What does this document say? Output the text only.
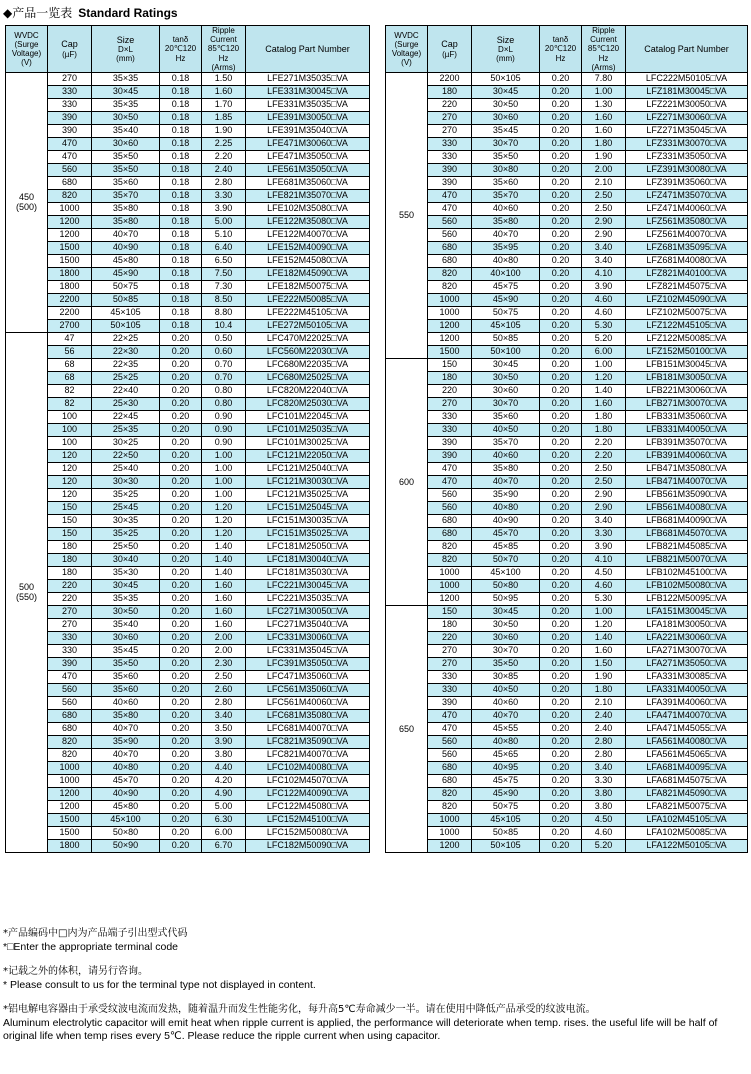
◆产品一览表 Standard Ratings
WVDC
(Surge
Voltage)
(V)	Cap
(µF)	Size
D×L
(mm)	tanδ
20℃120
Hz	Ripple
Current
85℃120
Hz
(Arms)	Catalog Part Number
450
(500)	270	35×35	0.18	1.50	LFE271M35035□VA
	330	30×45	0.18	1.60	LFE331M30045□VA
	330	35×35	0.18	1.70	LFE331M35035□VA
	390	30×50	0.18	1.85	LFE391M30050□VA
	390	35×40	0.18	1.90	LFE391M35040□VA
	470	30×60	0.18	2.25	LFE471M30060□VA
	470	35×50	0.18	2.20	LFE471M35050□VA
	560	35×50	0.18	2.40	LFE561M35050□VA
	680	35×60	0.18	2.80	LFE681M35060□VA
	820	35×70	0.18	3.30	LFE821M35070□VA
	1000	35×80	0.18	3.90	LFE102M35080□VA
	1200	35×80	0.18	5.00	LFE122M35080□VA
	1200	40×70	0.18	5.10	LFE122M40070□VA
	1500	40×90	0.18	6.40	LFE152M40090□VA
	1500	45×80	0.18	6.50	LFE152M45080□VA
	1800	45×90	0.18	7.50	LFE182M45090□VA
	1800	50×75	0.18	7.30	LFE182M50075□VA
	2200	50×85	0.18	8.50	LFE222M50085□VA
	2200	45×105	0.18	8.80	LFE222M45105□VA
	2700	50×105	0.18	10.4	LFE272M50105□VA
500
(550)	47	22×25	0.20	0.50	LFC470M22025□VA
	56	22×30	0.20	0.60	LFC560M22030□VA
	68	22×35	0.20	0.70	LFC680M22035□VA
	68	25×25	0.20	0.70	LFC680M25025□VA
	82	22×40	0.20	0.80	LFC820M22040□VA
	82	25×30	0.20	0.80	LFC820M25030□VA
	100	22×45	0.20	0.90	LFC101M22045□VA
	100	25×35	0.20	0.90	LFC101M25035□VA
	100	30×25	0.20	0.90	LFC101M30025□VA
	120	22×50	0.20	1.00	LFC121M22050□VA
	120	25×40	0.20	1.00	LFC121M25040□VA
	120	30×30	0.20	1.00	LFC121M30030□VA
	120	35×25	0.20	1.00	LFC121M35025□VA
	150	25×45	0.20	1.20	LFC151M25045□VA
	150	30×35	0.20	1.20	LFC151M30035□VA
	150	35×25	0.20	1.20	LFC151M35025□VA
	180	25×50	0.20	1.40	LFC181M25050□VA
	180	30×40	0.20	1.40	LFC181M30040□VA
	180	35×30	0.20	1.40	LFC181M35030□VA
	220	30×45	0.20	1.60	LFC221M30045□VA
	220	35×35	0.20	1.60	LFC221M35035□VA
	270	30×50	0.20	1.60	LFC271M30050□VA
	270	35×40	0.20	1.60	LFC271M35040□VA
	330	30×60	0.20	2.00	LFC331M30060□VA
	330	35×45	0.20	2.00	LFC331M35045□VA
	390	35×50	0.20	2.30	LFC391M35050□VA
	470	35×60	0.20	2.50	LFC471M35060□VA
	560	35×60	0.20	2.60	LFC561M35060□VA
	560	40×60	0.20	2.80	LFC561M40060□VA
	680	35×80	0.20	3.40	LFC681M35080□VA
	680	40×70	0.20	3.50	LFC681M40070□VA
	820	35×90	0.20	3.90	LFC821M35090□VA
	820	40×70	0.20	3.80	LFC821M40070□VA
	1000	40×80	0.20	4.40	LFC102M40080□VA
	1000	45×70	0.20	4.20	LFC102M45070□VA
	1200	40×90	0.20	4.90	LFC122M40090□VA
	1200	45×80	0.20	5.00	LFC122M45080□VA
	1500	45×100	0.20	6.30	LFC152M45100□VA
	1500	50×80	0.20	6.00	LFC152M50080□VA
	1800	50×90	0.20	6.70	LFC182M50090□VA
WVDC
(Surge
Voltage)
(V)	Cap
(µF)	Size
D×L
(mm)	tanδ
20℃120
Hz	Ripple
Current
85℃120
Hz
(Arms)	Catalog Part Number
550	2200	50×105	0.20	7.80	LFC222M50105□VA
	180	30×45	0.20	1.00	LFZ181M30045□VA
	220	30×50	0.20	1.30	LFZ221M30050□VA
	270	30×60	0.20	1.60	LFZ271M30060□VA
	270	35×45	0.20	1.60	LFZ271M35045□VA
	330	30×70	0.20	1.80	LFZ331M30070□VA
	330	35×50	0.20	1.90	LFZ331M35050□VA
	390	30×80	0.20	2.00	LFZ391M30080□VA
	390	35×60	0.20	2.10	LFZ391M35060□VA
	470	35×70	0.20	2.50	LFZ471M35070□VA
	470	40×60	0.20	2.50	LFZ471M40060□VA
	560	35×80	0.20	2.90	LFZ561M35080□VA
	560	40×70	0.20	2.90	LFZ561M40070□VA
	680	35×95	0.20	3.40	LFZ681M35095□VA
	680	40×80	0.20	3.40	LFZ681M40080□VA
	820	40×100	0.20	4.10	LFZ821M40100□VA
	820	45×75	0.20	3.90	LFZ821M45075□VA
	1000	45×90	0.20	4.60	LFZ102M45090□VA
	1000	50×75	0.20	4.60	LFZ102M50075□VA
	1200	45×105	0.20	5.30	LFZ122M45105□VA
	1200	50×85	0.20	5.20	LFZ122M50085□VA
	1500	50×100	0.20	6.00	LFZ152M50100□VA
600	150	30×45	0.20	1.00	LFB151M30045□VA
	180	30×50	0.20	1.20	LFB181M30050□VA
	220	30×60	0.20	1.40	LFB221M30060□VA
	270	30×70	0.20	1.60	LFB271M30070□VA
	330	35×60	0.20	1.80	LFB331M35060□VA
	330	40×50	0.20	1.80	LFB331M40050□VA
	390	35×70	0.20	2.20	LFB391M35070□VA
	390	40×60	0.20	2.20	LFB391M40060□VA
	470	35×80	0.20	2.50	LFB471M35080□VA
	470	40×70	0.20	2.50	LFB471M40070□VA
	560	35×90	0.20	2.90	LFB561M35090□VA
	560	40×80	0.20	2.90	LFB561M40080□VA
	680	40×90	0.20	3.40	LFB681M40090□VA
	680	45×70	0.20	3.30	LFB681M45070□VA
	820	45×85	0.20	3.90	LFB821M45085□VA
	820	50×70	0.20	4.10	LFB821M50070□VA
	1000	45×100	0.20	4.50	LFB102M45100□VA
	1000	50×80	0.20	4.60	LFB102M50080□VA
	1200	50×95	0.20	5.30	LFB122M50095□VA
650	150	30×45	0.20	1.00	LFA151M30045□VA
	180	30×50	0.20	1.20	LFA181M30050□VA
	220	30×60	0.20	1.40	LFA221M30060□VA
	270	30×70	0.20	1.60	LFA271M30070□VA
	270	35×50	0.20	1.50	LFA271M35050□VA
	330	30×85	0.20	1.90	LFA331M30085□VA
	330	40×50	0.20	1.80	LFA331M40050□VA
	390	40×60	0.20	2.10	LFA391M40060□VA
	470	40×70	0.20	2.40	LFA471M40070□VA
	470	45×55	0.20	2.40	LFA471M45055□VA
	560	40×80	0.20	2.80	LFA561M40080□VA
	560	45×65	0.20	2.80	LFA561M45065□VA
	680	40×95	0.20	3.40	LFA681M40095□VA
	680	45×75	0.20	3.30	LFA681M45075□VA
	820	45×90	0.20	3.80	LFA821M45090□VA
	820	50×75	0.20	3.80	LFA821M50075□VA
	1000	45×105	0.20	4.50	LFA102M45105□VA
	1000	50×85	0.20	4.60	LFA102M50085□VA
	1200	50×105	0.20	5.20	LFA122M50105□VA

*产品编码中□内为产品端子引出型式代码

*□Enter the appropriate terminal code

*记载之外的体积，请另行咨询。

* Please consult to us for the terminal type not displayed in content.

*铝电解电容器由于承受纹波电流而发热，随着温升而发生性能劣化，每升高5℃寿命减少一半。请在使用中降低产品承受的纹波电流。

Aluminum electrolytic capacitor will emit heat when ripple current is applied, the performance will deteriorate when temp. rises. the useful life will be half of original life when temp rises every 5℃. Please reduce the ripple current when using capacitor.
